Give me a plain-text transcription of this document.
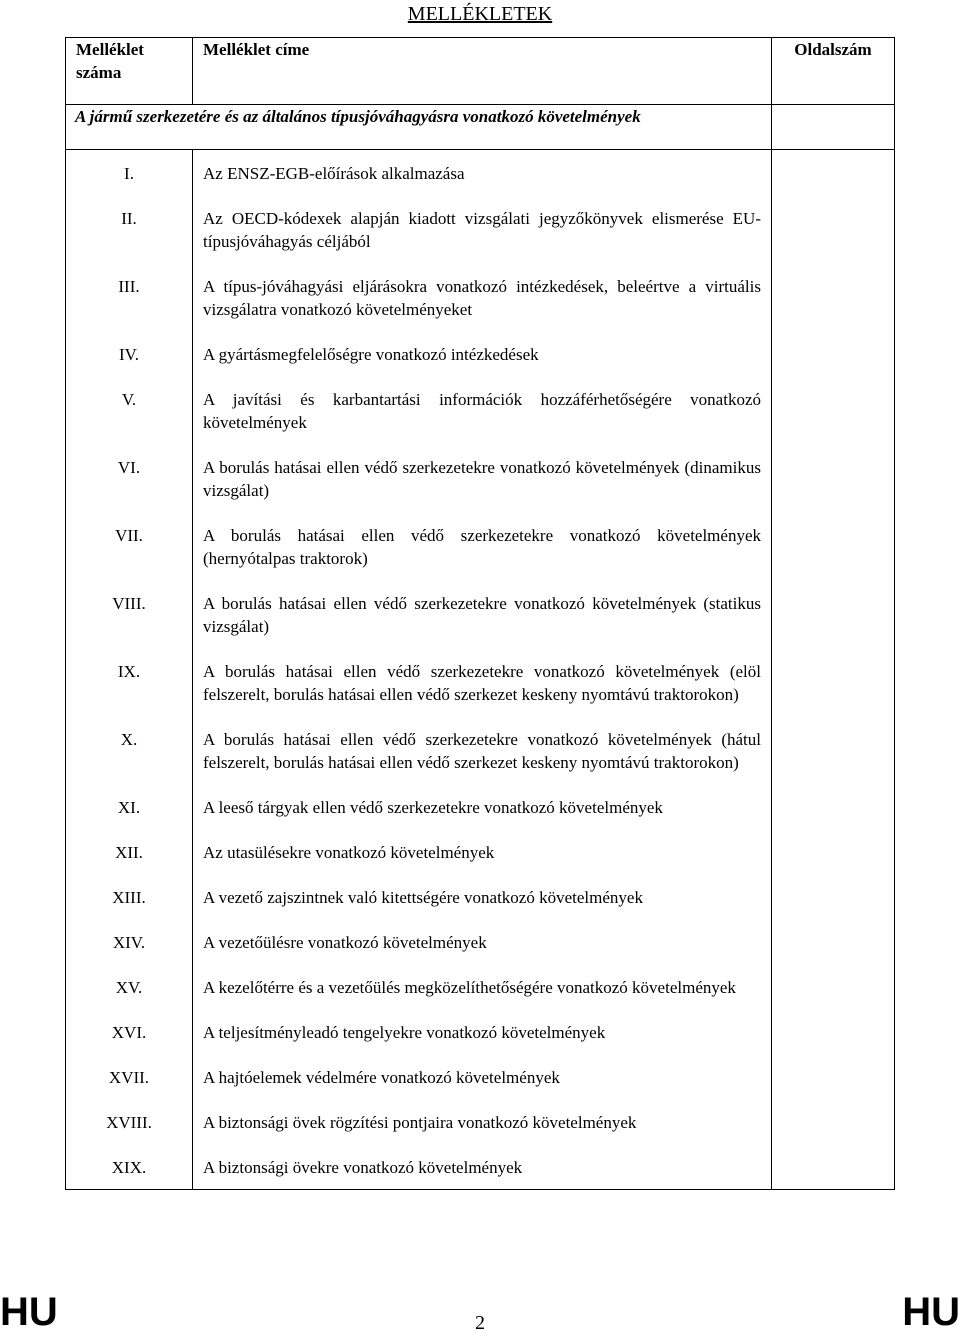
MELLÉKLETEK
Melléklet száma	Melléklet címe	Oldalszám
A jármű szerkezetére és az általános típusjóváhagyásra vonatkozó követelmények		
I.	Az ENSZ-EGB-előírások alkalmazása	
II.	Az OECD-kódexek alapján kiadott vizsgálati jegyzőkönyvek elismerése EU-típusjóváhagyás céljából	
III.	A típus-jóváhagyási eljárásokra vonatkozó intézkedések, beleértve a virtuális vizsgálatra vonatkozó követelményeket	
IV.	A gyártásmegfelelőségre vonatkozó intézkedések	
V.	A javítási és karbantartási információk hozzáférhetőségére vonatkozó követelmények	
VI.	A borulás hatásai ellen védő szerkezetekre vonatkozó követelmények (dinamikus vizsgálat)	
VII.	A borulás hatásai ellen védő szerkezetekre vonatkozó követelmények (hernyótalpas traktorok)	
VIII.	A borulás hatásai ellen védő szerkezetekre vonatkozó követelmények (statikus vizsgálat)	
IX.	A borulás hatásai ellen védő szerkezetekre vonatkozó követelmények (elöl felszerelt, borulás hatásai ellen védő szerkezet keskeny nyomtávú traktorokon)	
X.	A borulás hatásai ellen védő szerkezetekre vonatkozó követelmények (hátul felszerelt, borulás hatásai ellen védő szerkezet keskeny nyomtávú traktorokon)	
XI.	A leeső tárgyak ellen védő szerkezetekre vonatkozó követelmények	
XII.	Az utasülésekre vonatkozó követelmények	
XIII.	A vezető zajszintnek való kitettségére vonatkozó követelmények	
XIV.	A vezetőülésre vonatkozó követelmények	
XV.	A kezelőtérre és a vezetőülés megközelíthetőségére vonatkozó követelmények	
XVI.	A teljesítményleadó tengelyekre vonatkozó követelmények	
XVII.	A hajtóelemek védelmére vonatkozó követelmények	
XVIII.	A biztonsági övek rögzítési pontjaira vonatkozó követelmények	
XIX.	A biztonsági övekre vonatkozó követelmények	
HU	2	HU
